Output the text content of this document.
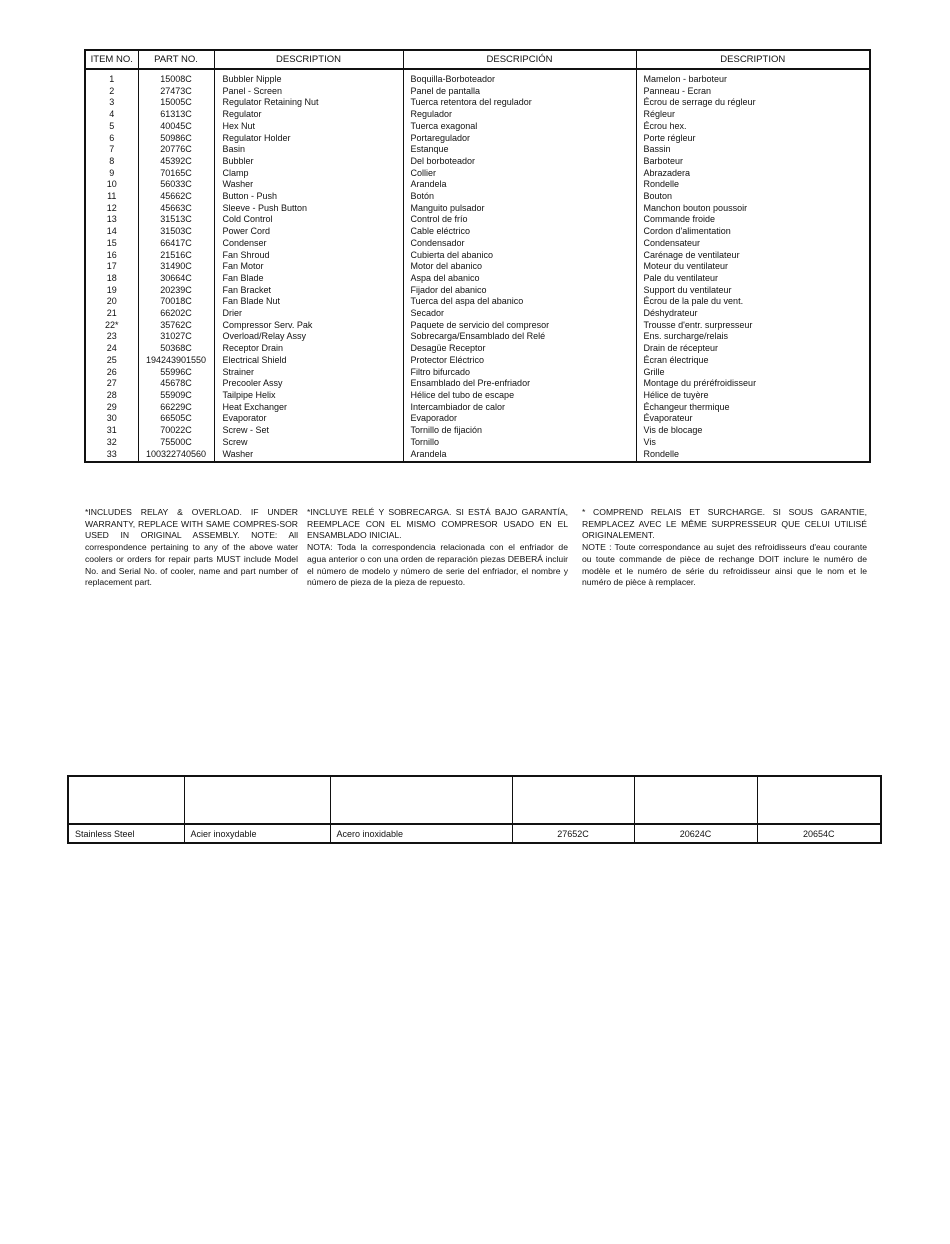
ITEM NO.	PART NO.	DESCRIPTION	DESCRIPCIÓN	DESCRIPTION
1	15008C	Bubbler Nipple	Boquilla-Borboteador	Mamelon - barboteur
2	27473C	Panel - Screen	Panel de pantalla	Panneau - Ecran
3	15005C	Regulator Retaining Nut	Tuerca retentora del regulador	Écrou de serrage du régleur
4	61313C	Regulator	Regulador	Régleur
5	40045C	Hex Nut	Tuerca exagonal	Écrou hex.
6	50986C	Regulator Holder	Portaregulador	Porte régleur
7	20776C	Basin	Estanque	Bassin
8	45392C	Bubbler	Del borboteador	Barboteur
9	70165C	Clamp	Collier	Abrazadera
10	56033C	Washer	Arandela	Rondelle
11	45662C	Button - Push	Botón	Bouton
12	45663C	Sleeve - Push Button	Manguito pulsador	Manchon bouton poussoir
13	31513C	Cold Control	Control de frío	Commande froide
14	31503C	Power Cord	Cable eléctrico	Cordon d'alimentation
15	66417C	Condenser	Condensador	Condensateur
16	21516C	Fan Shroud	Cubierta del abanico	Carénage de ventilateur
17	31490C	Fan Motor	Motor del abanico	Moteur du ventilateur
18	30664C	Fan Blade	Aspa del abanico	Pale du ventilateur
19	20239C	Fan Bracket	Fijador del abanico	Support du ventilateur
20	70018C	Fan Blade Nut	Tuerca del aspa del abanico	Écrou de la pale du vent.
21	66202C	Drier	Secador	Déshydrateur
22*	35762C	Compressor Serv. Pak	Paquete de servicio del compresor	Trousse d'entr. surpresseur
23	31027C	Overload/Relay Assy	Sobrecarga/Ensamblado del Relé	Ens. surcharge/relais
24	50368C	Receptor Drain	Desagüe Receptor	Drain de récepteur
25	194243901550	Electrical Shield	Protector Eléctrico	Écran électrique
26	55996C	Strainer	Filtro bifurcado	Grille
27	45678C	Precooler Assy	Ensamblado del Pre-enfriador	Montage du préréfroidisseur
28	55909C	Tailpipe Helix	Hélice del tubo de escape	Hélice de tuyère
29	66229C	Heat Exchanger	Intercambiador de calor	Échangeur thermique
30	66505C	Evaporator	Evaporador	Évaporateur
31	70022C	Screw - Set	Tornillo de fijación	Vis de blocage
32	75500C	Screw	Tornillo	Vis
33	100322740560	Washer	Arandela	Rondelle

*INCLUDES RELAY & OVERLOAD. IF UNDER WARRANTY, REPLACE WITH SAME COMPRES-SOR USED IN ORIGINAL ASSEMBLY. NOTE: All correspondence pertaining to any of the above water coolers or orders for repair parts MUST include Model No. and Serial No. of cooler, name and part number of replacement part.

*INCLUYE RELÉ Y SOBRECARGA. SI ESTÁ BAJO GARANTÍA, REEMPLACE CON EL MISMO COMPRESOR USADO EN EL ENSAMBLADO INICIAL.

NOTA: Toda la correspondencia relacionada con el enfriador de agua anterior o con una orden de reparación piezas DEBERÁ incluir el número de modelo y número de serie del enfriador, el nombre y número de pieza de la pieza de repuesto.

* COMPREND RELAIS ET SURCHARGE. SI SOUS GARANTIE, REMPLACEZ AVEC LE MÊME SURPRESSEUR QUE CELUI UTILISÉ ORIGINALEMENT.

NOTE : Toute correspondance au sujet des refroidisseurs d'eau courante ou toute commande de pièce de rechange DOIT inclure le numéro de modèle et le numéro de série du refroidisseur ainsi que le nom et le numéro de pièce à remplacer.

Stainless Steel	Acier inoxydable	Acero inoxidable	27652C	20624C	20654C
